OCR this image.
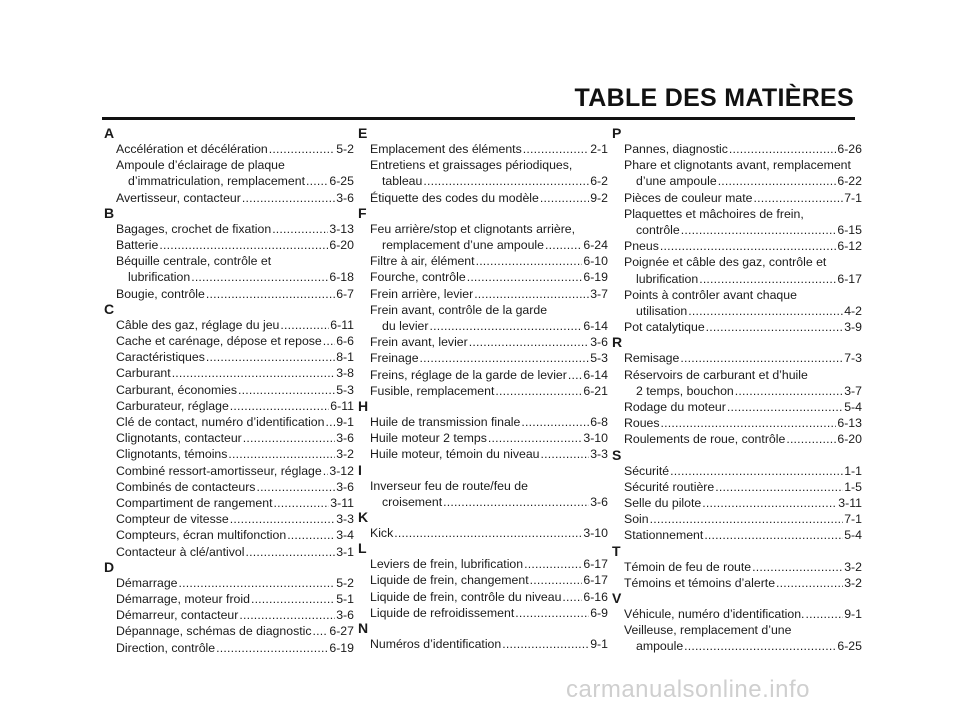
TABLE DES MATIÈRES
A
Accélération et décélération .....	5-2
Ampoule d’éclairage de plaque
d’immatriculation, remplacement ..... 6-25
Avertisseur, contacteur .....	3-6
B
Bagages, crochet de fixation .....	3-13
Batterie .....	6-20
Béquille centrale, contrôle et
lubrification .....	6-18
Bougie, contrôle .....	6-7
C
Câble des gaz, réglage du jeu .....	6-11
Cache et carénage, dépose et repose ..... 6-6
Caractéristiques .....	8-1
Carburant .....	3-8
Carburant, économies .....	5-3
Carburateur, réglage .....	6-11
Clé de contact, numéro d’identification ..... 9-1
Clignotants, contacteur .....	3-6
Clignotants, témoins .....	3-2
Combiné ressort-amortisseur, réglage ..... 3-12
Combinés de contacteurs .....	3-6
Compartiment de rangement .....	3-11
Compteur de vitesse .....	3-3
Compteurs, écran multifonction .....	3-4
Contacteur à clé/antivol .....	3-1
D
Démarrage .....	5-2
Démarrage, moteur froid .....	5-1
Démarreur, contacteur .....	3-6
Dépannage, schémas de diagnostic ..... 6-27
Direction, contrôle .....	6-19
E
Emplacement des éléments .....	2-1
Entretiens et graissages périodiques,
tableau .....	6-2
Étiquette des codes du modèle .....	9-2
F
Feu arrière/stop et clignotants arrière,
remplacement d’une ampoule .....	6-24
Filtre à air, élément .....	6-10
Fourche, contrôle .....	6-19
Frein arrière, levier .....	3-7
Frein avant, contrôle de la garde
du levier .....	6-14
Frein avant, levier .....	3-6
Freinage .....	5-3
Freins, réglage de la garde de levier ..... 6-14
Fusible, remplacement .....	6-21
H
Huile de transmission finale .....	6-8
Huile moteur 2 temps .....	3-10
Huile moteur, témoin du niveau .....	3-3
I
Inverseur feu de route/feu de
croisement .....	3-6
K
Kick .....	3-10
L
Leviers de frein, lubrification .....	6-17
Liquide de frein, changement .....	6-17
Liquide de frein, contrôle du niveau ..... 6-16
Liquide de refroidissement .....	6-9
N
Numéros d’identification .....	9-1
P
Pannes, diagnostic .....	6-26
Phare et clignotants avant, remplacement
d’une ampoule .....	6-22
Pièces de couleur mate .....	7-1
Plaquettes et mâchoires de frein,
contrôle .....	6-15
Pneus .....	6-12
Poignée et câble des gaz, contrôle et
lubrification .....	6-17
Points à contrôler avant chaque
utilisation .....	4-2
Pot catalytique .....	3-9
R
Remisage .....	7-3
Réservoirs de carburant et d’huile
2 temps, bouchon .....	3-7
Rodage du moteur .....	5-4
Roues .....	6-13
Roulements de roue, contrôle .....	6-20
S
Sécurité .....	1-1
Sécurité routière .....	1-5
Selle du pilote .....	3-11
Soin .....	7-1
Stationnement .....	5-4
T
Témoin de feu de route .....	3-2
Témoins et témoins d’alerte .....	3-2
V
Véhicule, numéro d’identification. .....	9-1
Veilleuse, remplacement d’une
ampoule .....	6-25
carmanualsonline.info
